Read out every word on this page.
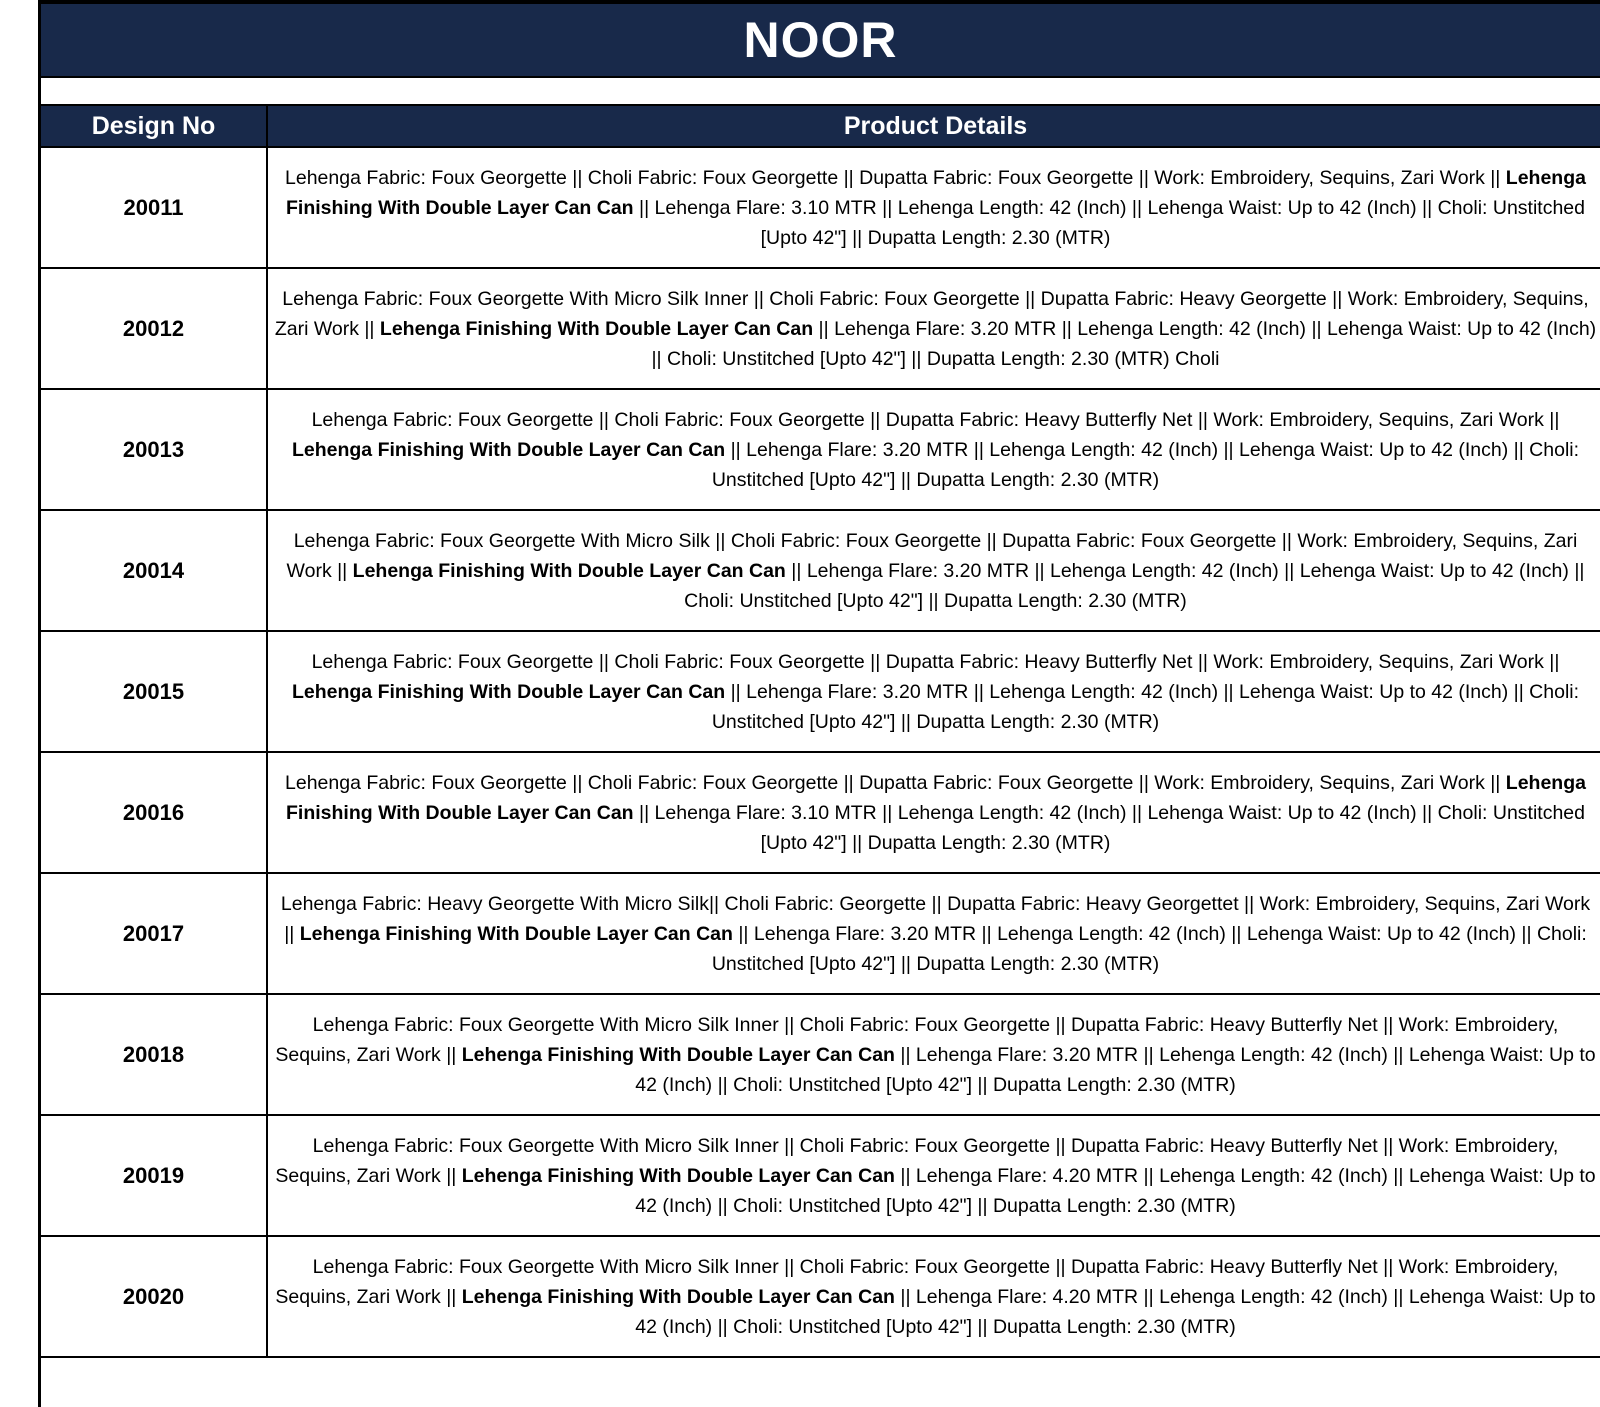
NOOR
Design No	Product Details
20011	Lehenga Fabric: Foux Georgette || Choli Fabric: Foux Georgette || Dupatta Fabric: Foux Georgette || Work: Embroidery, Sequins, Zari Work || Lehenga Finishing With Double Layer Can Can || Lehenga Flare: 3.10 MTR || Lehenga Length: 42 (Inch) || Lehenga Waist: Up to 42 (Inch) || Choli: Unstitched [Upto 42"] || Dupatta Length: 2.30 (MTR)
20012	Lehenga Fabric: Foux Georgette With Micro Silk Inner || Choli Fabric: Foux Georgette || Dupatta Fabric: Heavy Georgette || Work: Embroidery, Sequins, Zari Work || Lehenga Finishing With Double Layer Can Can || Lehenga Flare: 3.20 MTR || Lehenga Length: 42 (Inch) || Lehenga Waist: Up to 42 (Inch) || Choli: Unstitched [Upto 42"] || Dupatta Length: 2.30 (MTR) Choli
20013	Lehenga Fabric: Foux Georgette || Choli Fabric: Foux Georgette || Dupatta Fabric: Heavy Butterfly Net || Work: Embroidery, Sequins, Zari Work || Lehenga Finishing With Double Layer Can Can || Lehenga Flare: 3.20 MTR || Lehenga Length: 42 (Inch) || Lehenga Waist: Up to 42 (Inch) || Choli: Unstitched [Upto 42"] || Dupatta Length: 2.30 (MTR)
20014	Lehenga Fabric: Foux Georgette With Micro Silk || Choli Fabric: Foux Georgette || Dupatta Fabric: Foux Georgette || Work: Embroidery, Sequins, Zari Work || Lehenga Finishing With Double Layer Can Can || Lehenga Flare: 3.20 MTR || Lehenga Length: 42 (Inch) || Lehenga Waist: Up to 42 (Inch) || Choli: Unstitched [Upto 42"] || Dupatta Length: 2.30 (MTR)
20015	Lehenga Fabric: Foux Georgette || Choli Fabric: Foux Georgette || Dupatta Fabric: Heavy Butterfly Net || Work: Embroidery, Sequins, Zari Work || Lehenga Finishing With Double Layer Can Can || Lehenga Flare: 3.20 MTR || Lehenga Length: 42 (Inch) || Lehenga Waist: Up to 42 (Inch) || Choli: Unstitched [Upto 42"] || Dupatta Length: 2.30 (MTR)
20016	Lehenga Fabric: Foux Georgette || Choli Fabric: Foux Georgette || Dupatta Fabric: Foux Georgette || Work: Embroidery, Sequins, Zari Work || Lehenga Finishing With Double Layer Can Can || Lehenga Flare: 3.10 MTR || Lehenga Length: 42 (Inch) || Lehenga Waist: Up to 42 (Inch) || Choli: Unstitched [Upto 42"] || Dupatta Length: 2.30 (MTR)
20017	Lehenga Fabric: Heavy Georgette With Micro Silk|| Choli Fabric: Georgette || Dupatta Fabric: Heavy Georgettet || Work: Embroidery, Sequins, Zari Work || Lehenga Finishing With Double Layer Can Can || Lehenga Flare: 3.20 MTR || Lehenga Length: 42 (Inch) || Lehenga Waist: Up to 42 (Inch) || Choli: Unstitched [Upto 42"] || Dupatta Length: 2.30 (MTR)
20018	Lehenga Fabric: Foux Georgette With Micro Silk Inner || Choli Fabric: Foux Georgette || Dupatta Fabric: Heavy Butterfly Net || Work: Embroidery, Sequins, Zari Work || Lehenga Finishing With Double Layer Can Can || Lehenga Flare: 3.20 MTR || Lehenga Length: 42 (Inch) || Lehenga Waist: Up to 42 (Inch) || Choli: Unstitched [Upto 42"] || Dupatta Length: 2.30 (MTR)
20019	Lehenga Fabric: Foux Georgette With Micro Silk Inner || Choli Fabric: Foux Georgette || Dupatta Fabric: Heavy Butterfly Net || Work: Embroidery, Sequins, Zari Work || Lehenga Finishing With Double Layer Can Can || Lehenga Flare: 4.20 MTR || Lehenga Length: 42 (Inch) || Lehenga Waist: Up to 42 (Inch) || Choli: Unstitched [Upto 42"] || Dupatta Length: 2.30 (MTR)
20020	Lehenga Fabric: Foux Georgette With Micro Silk Inner || Choli Fabric: Foux Georgette || Dupatta Fabric: Heavy Butterfly Net || Work: Embroidery, Sequins, Zari Work || Lehenga Finishing With Double Layer Can Can || Lehenga Flare: 4.20 MTR || Lehenga Length: 42 (Inch) || Lehenga Waist: Up to 42 (Inch) || Choli: Unstitched [Upto 42"] || Dupatta Length: 2.30 (MTR)
